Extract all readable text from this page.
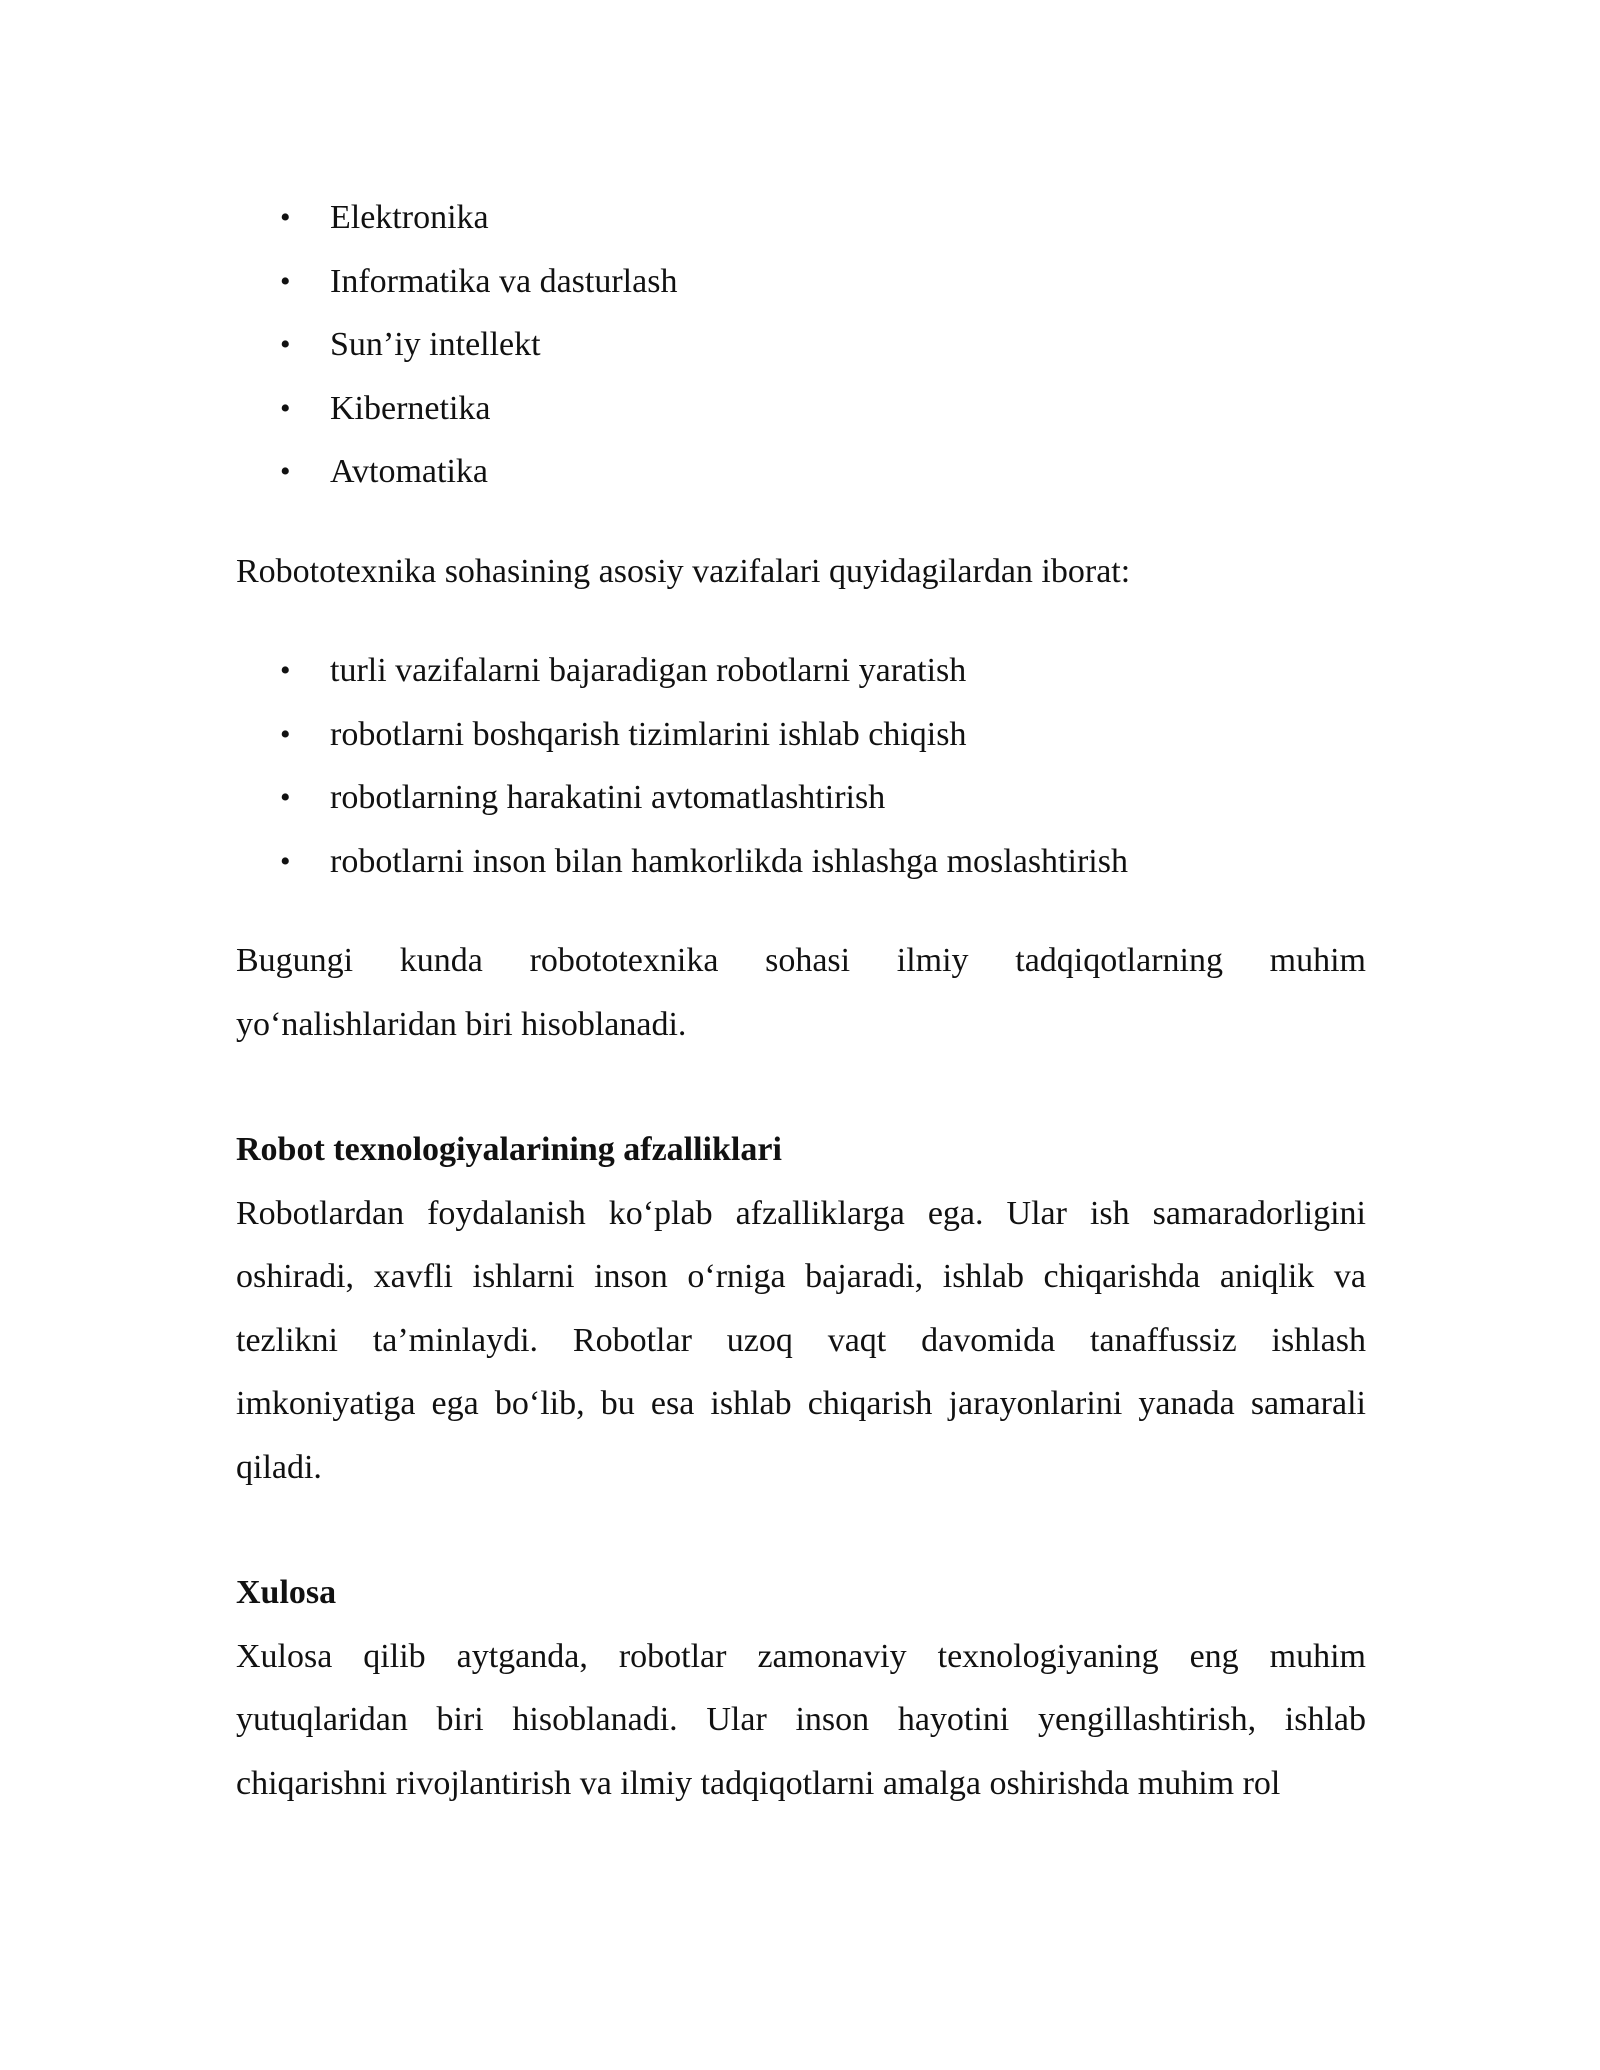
• Elektronika
• Informatika va dasturlash
• Sun’iy intellekt
• Kibernetika
• Avtomatika

Robototexnika sohasining asosiy vazifalari quyidagilardan iborat:

• turli vazifalarni bajaradigan robotlarni yaratish
• robotlarni boshqarish tizimlarini ishlab chiqish
• robotlarning harakatini avtomatlashtirish
• robotlarni inson bilan hamkorlikda ishlashga moslashtirish

Bugungi kunda robototexnika sohasi ilmiy tadqiqotlarning muhim yo‘nalishlaridan biri hisoblanadi.

Robot texnologiyalarining afzalliklari

Robotlardan foydalanish ko‘plab afzalliklarga ega. Ular ish samaradorligini oshiradi, xavfli ishlarni inson o‘rniga bajaradi, ishlab chiqarishda aniqlik va tezlikni ta’minlaydi. Robotlar uzoq vaqt davomida tanaffussiz ishlash imkoniyatiga ega bo‘lib, bu esa ishlab chiqarish jarayonlarini yanada samarali qiladi.

Xulosa

Xulosa qilib aytganda, robotlar zamonaviy texnologiyaning eng muhim yutuqlaridan biri hisoblanadi. Ular inson hayotini yengillashtirish, ishlab chiqarishni rivojlantirish va ilmiy tadqiqotlarni amalga oshirishda muhim rol
